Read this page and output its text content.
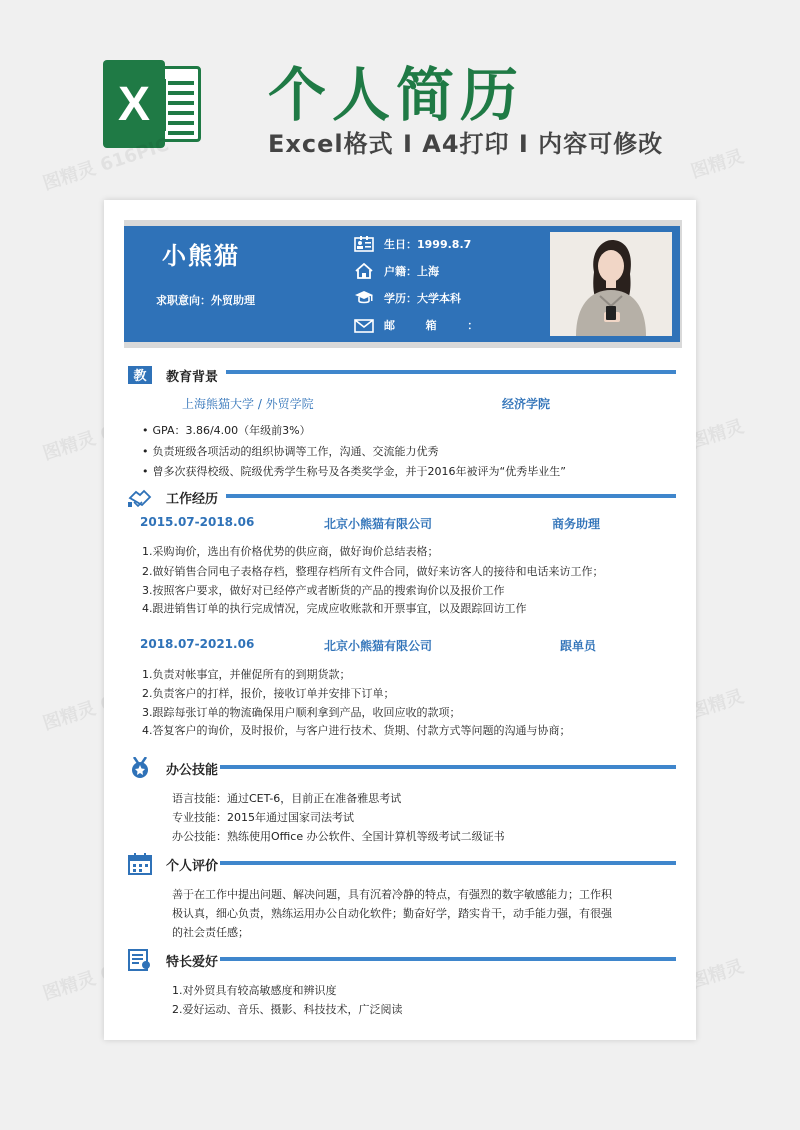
X 个人简历
Excel格式 I A4打印 I 内容可修改
图精灵 616PIC	图精灵
图精灵	图精灵
图精灵	图精灵
图精灵	图精灵
小熊猫
求职意向：外贸助理
生日：1999.8.7
户籍：上海
学历：大学本科
邮        箱        ：
教 教育背景
上海熊猫大学 / 外贸学院	经济学院
• GPA：3.86/4.00（年级前3%）
• 负责班级各项活动的组织协调等工作，沟通、交流能力优秀
• 曾多次获得校级、院级优秀学生称号及各类奖学金，并于2016年被评为“优秀毕业生”
工作经历
2015.07-2018.06	北京小熊猫有限公司	商务助理
1.采购询价，选出有价格优势的供应商，做好询价总结表格；
2.做好销售合同电子表格存档，整理存档所有文件合同，做好来访客人的接待和电话来访工作；
3.按照客户要求，做好对已经停产或者断货的产品的搜索询价以及报价工作
4.跟进销售订单的执行完成情况，完成应收账款和开票事宜，以及跟踪回访工作
2018.07-2021.06	北京小熊猫有限公司	跟单员
1.负责对帐事宜，并催促所有的到期货款；
2.负责客户的打样，报价，接收订单并安排下订单；
3.跟踪每张订单的物流确保用户顺利拿到产品，收回应收的款项；
4.答复客户的询价，及时报价，与客户进行技术、货期、付款方式等问题的沟通与协商；
办公技能
语言技能：通过CET-6，目前正在准备雅思考试
专业技能：2015年通过国家司法考试
办公技能：熟练使用Office 办公软件、全国计算机等级考试二级证书
个人评价
善于在工作中提出问题、解决问题，具有沉着冷静的特点，有强烈的数字敏感能力；工作积
极认真，细心负责，熟练运用办公自动化软件；勤奋好学，踏实肯干，动手能力强，有很强
的社会责任感；
特长爱好
1.对外贸具有较高敏感度和辨识度
2.爱好运动、音乐、摄影、科技技术，广泛阅读
